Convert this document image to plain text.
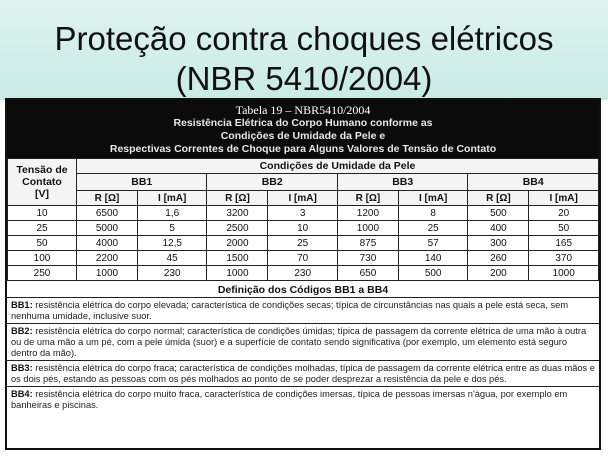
Proteção contra choques elétricos
(NBR 5410/2004)
Tabela 19 – NBR5410/2004
Resistência Elétrica do Corpo Humano conforme as
Condições de Umidade da Pele e
Respectivas Correntes de Choque para Alguns Valores de Tensão de Contato
Tensão de
Contato
[V]	Condições de Umidade da Pele							
	BB1		BB2		BB3		BB4	
	R [Ω]	I [mA]	R [Ω]	I [mA]	R [Ω]	I [mA]	R [Ω]	I [mA]
10	6500	1,6	3200	3	1200	8	500	20
25	5000	5	2500	10	1000	25	400	50
50	4000	12,5	2000	25	875	57	300	165
100	2200	45	1500	70	730	140	260	370
250	1000	230	1000	230	650	500	200	1000
Definição dos Códigos BB1 a BB4
BB1: resistência elétrica do corpo elevada; característica de condições secas; típica de circunstâncias nas quais a pele está seca, sem nenhuma umidade, inclusive suor.
BB2: resistência elétrica do corpo normal; característica de condições úmidas; típica de passagem da corrente elétrica de uma mão à outra ou de uma mão a um pé, com a pele úmida (suor) e a superfície de contato sendo significativa (por exemplo, um elemento está seguro dentro da mão).
BB3: resistência elétrica do corpo fraca; característica de condições molhadas, típica de passagem da corrente elétrica entre as duas mãos e os dois pés, estando as pessoas com os pés molhados ao ponto de se poder desprezar a resistência da pele e dos pés.
BB4: resistência elétrica do corpo muito fraca, característica de condições imersas, típica de pessoas imersas n'água, por exemplo em banheiras e piscinas.
